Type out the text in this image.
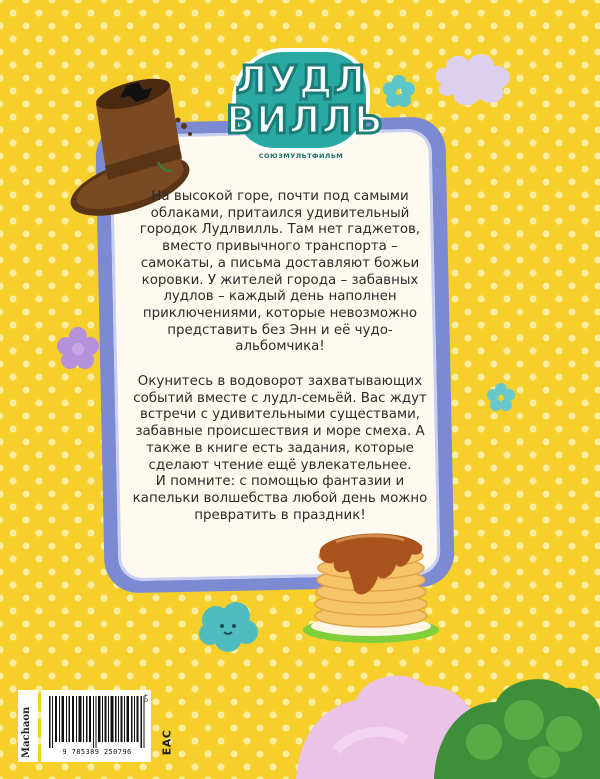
ЛУДЛ
ВИЛЛЬ
СОЮЗМУЛЬТФИЛЬМ

На высокой горе, почти под самыми облаками, притаился удивительный городок Лудлвилль. Там нет гаджетов, вместо привычного транспорта – самокаты, а письма доставляют божьи коровки. У жителей города – забавных лудлов – каждый день наполнен приключениями, которые невозможно представить без Энн и её чудо-альбомчика!

Окунитесь в водоворот захватывающих событий вместе с лудл-семьёй. Вас ждут встречи с удивительными существами, забавные происшествия и море смеха. А также в книге есть задания, которые сделают чтение ещё увлекательнее.

И помните: с помощью фантазии и капельки волшебства любой день можно превратить в праздник!

Machaon	9 785389 250796
0+
EAC
